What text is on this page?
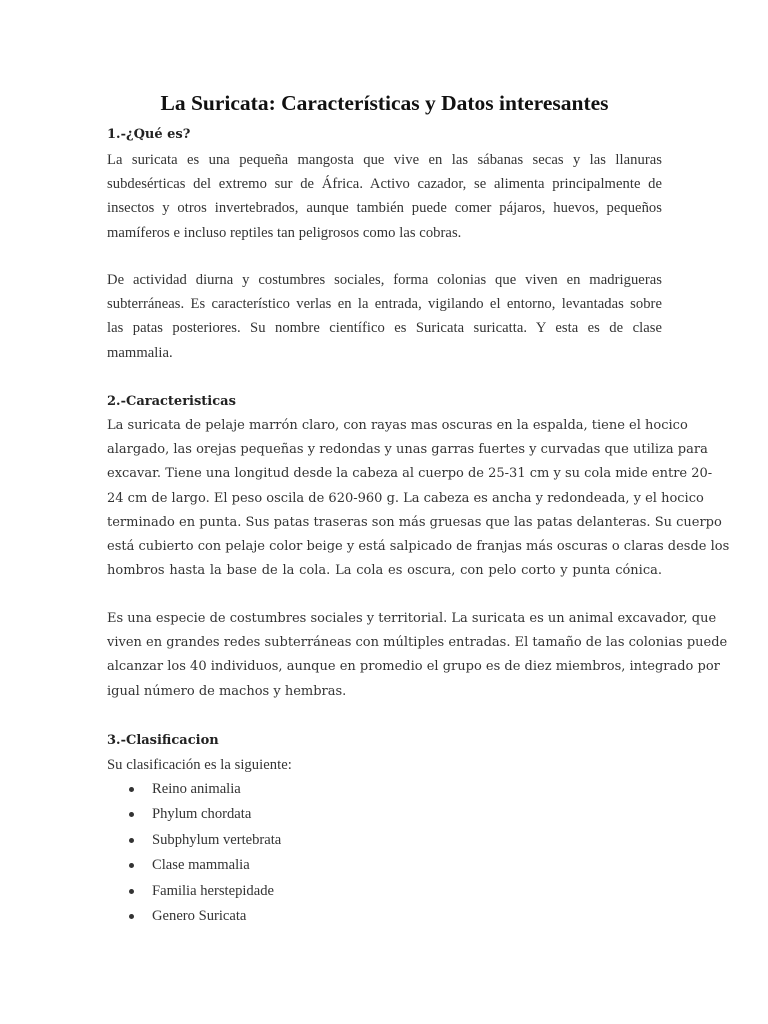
La Suricata: Características y Datos interesantes
1.-¿Qué es?

La suricata es una pequeña mangosta que vive en las sábanas secas y las llanuras
subdesérticas del extremo sur de África. Activo cazador, se alimenta principalmente de
insectos y otros invertebrados, aunque también puede comer pájaros, huevos, pequeños
mamíferos e incluso reptiles tan peligrosos como las cobras.

De actividad diurna y costumbres sociales, forma colonias que viven en madrigueras
subterráneas. Es característico verlas en la entrada, vigilando el entorno, levantadas sobre
las patas posteriores. Su nombre científico es Suricata suricatta. Y esta es de clase
mammalia.

2.-Caracteristicas

La suricata de pelaje marrón claro, con rayas mas oscuras en la espalda, tiene el hocico
alargado, las orejas pequeñas y redondas y unas garras fuertes y curvadas que utiliza para
excavar. Tiene una longitud desde la cabeza al cuerpo de 25-31 cm y su cola mide entre 20-
24 cm de largo. El peso oscila de 620-960 g. La cabeza es ancha y redondeada, y el hocico
terminado en punta. Sus patas traseras son más gruesas que las patas delanteras. Su cuerpo
está cubierto con pelaje color beige y está salpicado de franjas más oscuras o claras desde los
hombros hasta la base de la cola. La cola es oscura, con pelo corto y punta cónica.

Es una especie de costumbres sociales y territorial. La suricata es un animal excavador, que
viven en grandes redes subterráneas con múltiples entradas. El tamaño de las colonias puede
alcanzar los 40 individuos, aunque en promedio el grupo es de diez miembros, integrado por
igual número de machos y hembras.

3.-Clasificacion

Su clasificación es la siguiente:

Reino animalia
Phylum chordata
Subphylum vertebrata
Clase mammalia
Familia herstepidade
Genero Suricata
